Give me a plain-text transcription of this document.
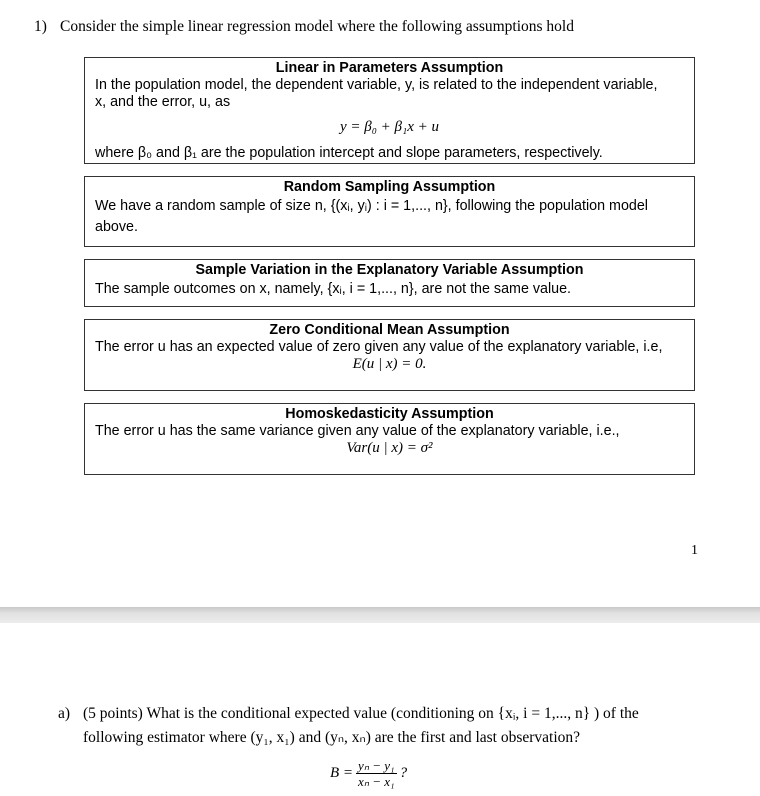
1) Consider the simple linear regression model where the following assumptions hold
Linear in Parameters Assumption
In the population model, the dependent variable, y, is related to the independent variable,
x, and the error, u, as
y = β₀ + β₁x + u
where β₀ and β₁ are the population intercept and slope parameters, respectively.
Random Sampling Assumption
We have a random sample of size n, {(xᵢ, yᵢ) : i = 1,..., n}, following the population model
above.
Sample Variation in the Explanatory Variable Assumption
The sample outcomes on x, namely, {xᵢ, i = 1,..., n}, are not the same value.
Zero Conditional Mean Assumption
The error u has an expected value of zero given any value of the explanatory variable, i.e,
E(u | x) = 0.
Homoskedasticity Assumption
The error u has the same variance given any value of the explanatory variable, i.e.,
Var(u | x) = σ²
1
a) (5 points) What is the conditional expected value (conditioning on {xᵢ, i = 1,..., n} ) of the
following estimator where (y₁, x₁) and (yₙ, xₙ) are the first and last observation?
$B = \frac{\text{yₙ − y₁}}{\text{xₙ − x₁}}$ ?
